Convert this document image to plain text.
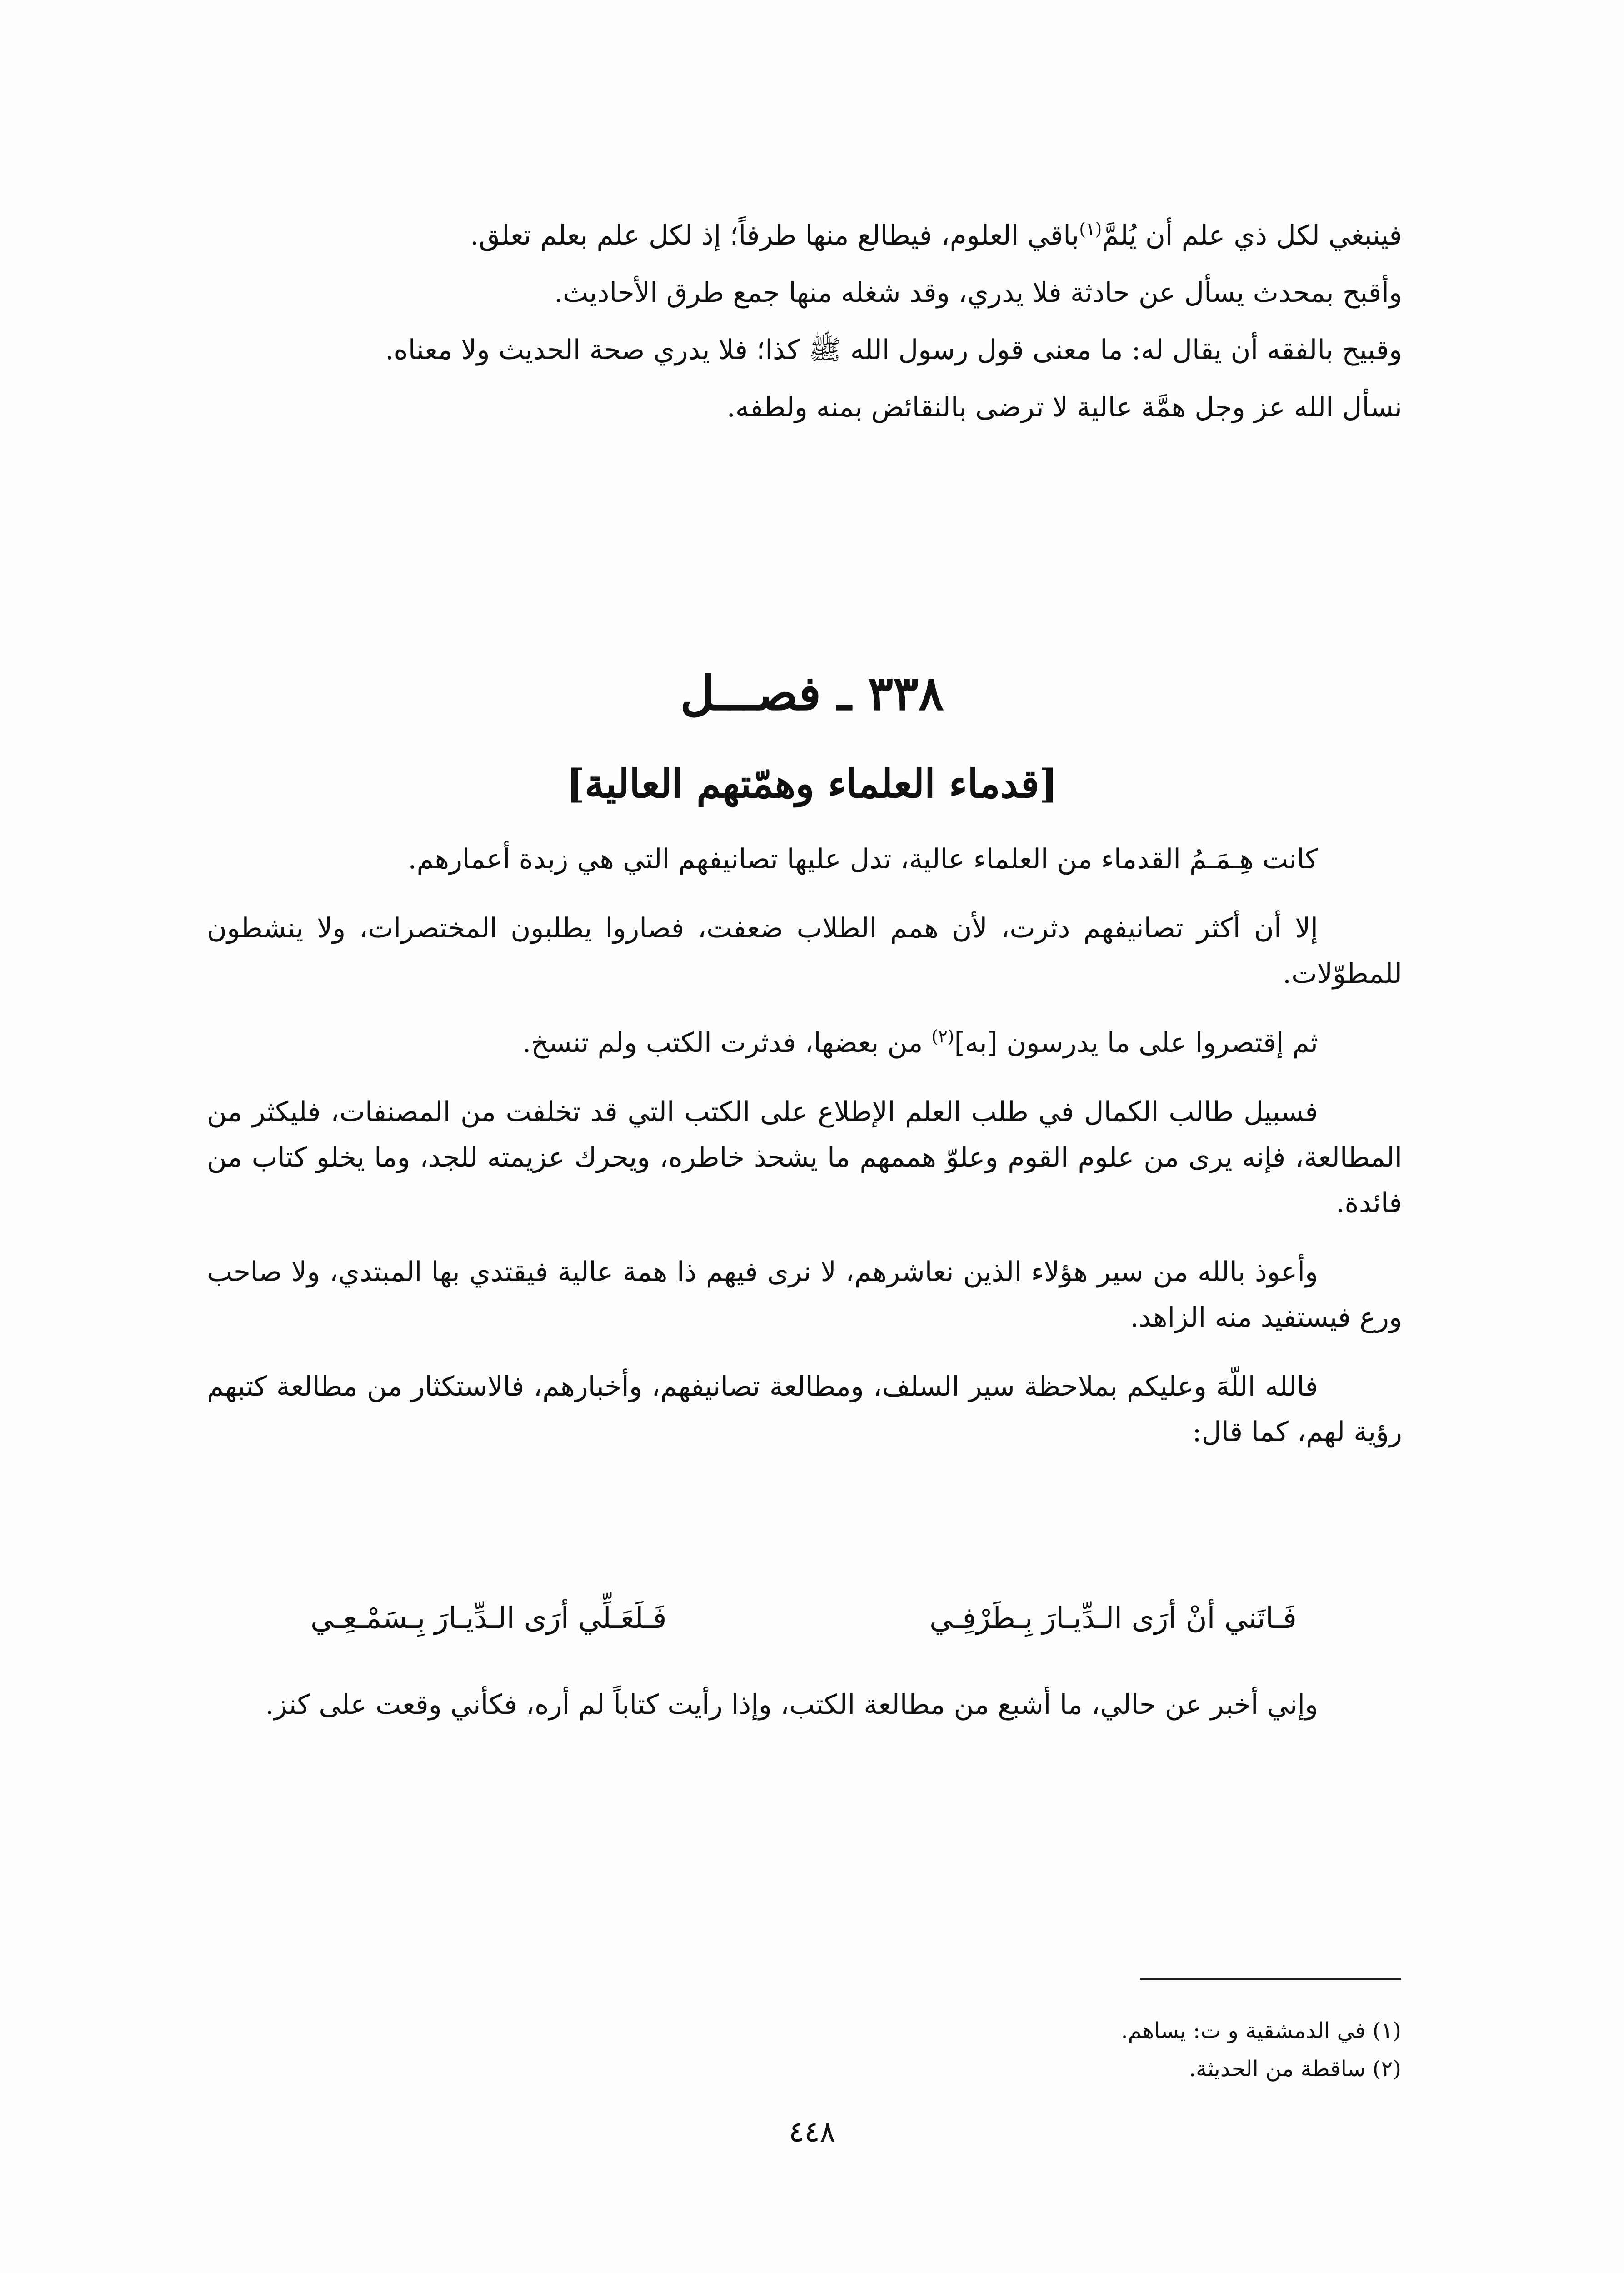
فينبغي لكل ذي علم أن يُلمَّ$^{(١)}$باقي العلوم، فيطالع منها طرفاً؛ إذ لكل علم بعلم تعلق.

وأقبح بمحدث يسأل عن حادثة فلا يدري، وقد شغله منها جمع طرق الأحاديث.

وقبيح بالفقه أن يقال له: ما معنى قول رسول الله ﷺ كذا؛ فلا يدري صحة الحديث ولا معناه.

نسأل الله عز وجل همَّة عالية لا ترضى بالنقائض بمنه ولطفه.

٣٣٨ ـ فصـــل
[قدماء العلماء وهمّتهم العالية]

كانت هِـمَـمُ القدماء من العلماء عالية، تدل عليها تصانيفهم التي هي زبدة أعمارهم.

إلا أن أكثر تصانيفهم دثرت، لأن همم الطلاب ضعفت، فصاروا يطلبون المختصرات، ولا ينشطون للمطوّلات.

ثم إقتصروا على ما يدرسون [به]$^{(٢)}$ من بعضها، فدثرت الكتب ولم تنسخ.

فسبيل طالب الكمال في طلب العلم الإطلاع على الكتب التي قد تخلفت من المصنفات، فليكثر من المطالعة، فإنه يرى من علوم القوم وعلوّ هممهم ما يشحذ خاطره، ويحرك عزيمته للجد، وما يخلو كتاب من فائدة.

وأعوذ بالله من سير هؤلاء الذين نعاشرهم، لا نرى فيهم ذا همة عالية فيقتدي بها المبتدي، ولا صاحب ورع فيستفيد منه الزاهد.

فالله اللّهَ وعليكم بملاحظة سير السلف، ومطالعة تصانيفهم، وأخبارهم، فالاستكثار من مطالعة كتبهم رؤية لهم، كما قال:

فَـاتَني أنْ أرَى الـدِّيـارَ بِـطَرْفِـي
فَـلَعَـلِّي أرَى الـدِّيـارَ بِـسَمْـعِـي

وإني أخبر عن حالي، ما أشبع من مطالعة الكتب، وإذا رأيت كتاباً لم أره، فكأني وقعت على كنز.

(١) في الدمشقية و ت: يساهم.

(٢) ساقطة من الحديثة.

٤٤٨
